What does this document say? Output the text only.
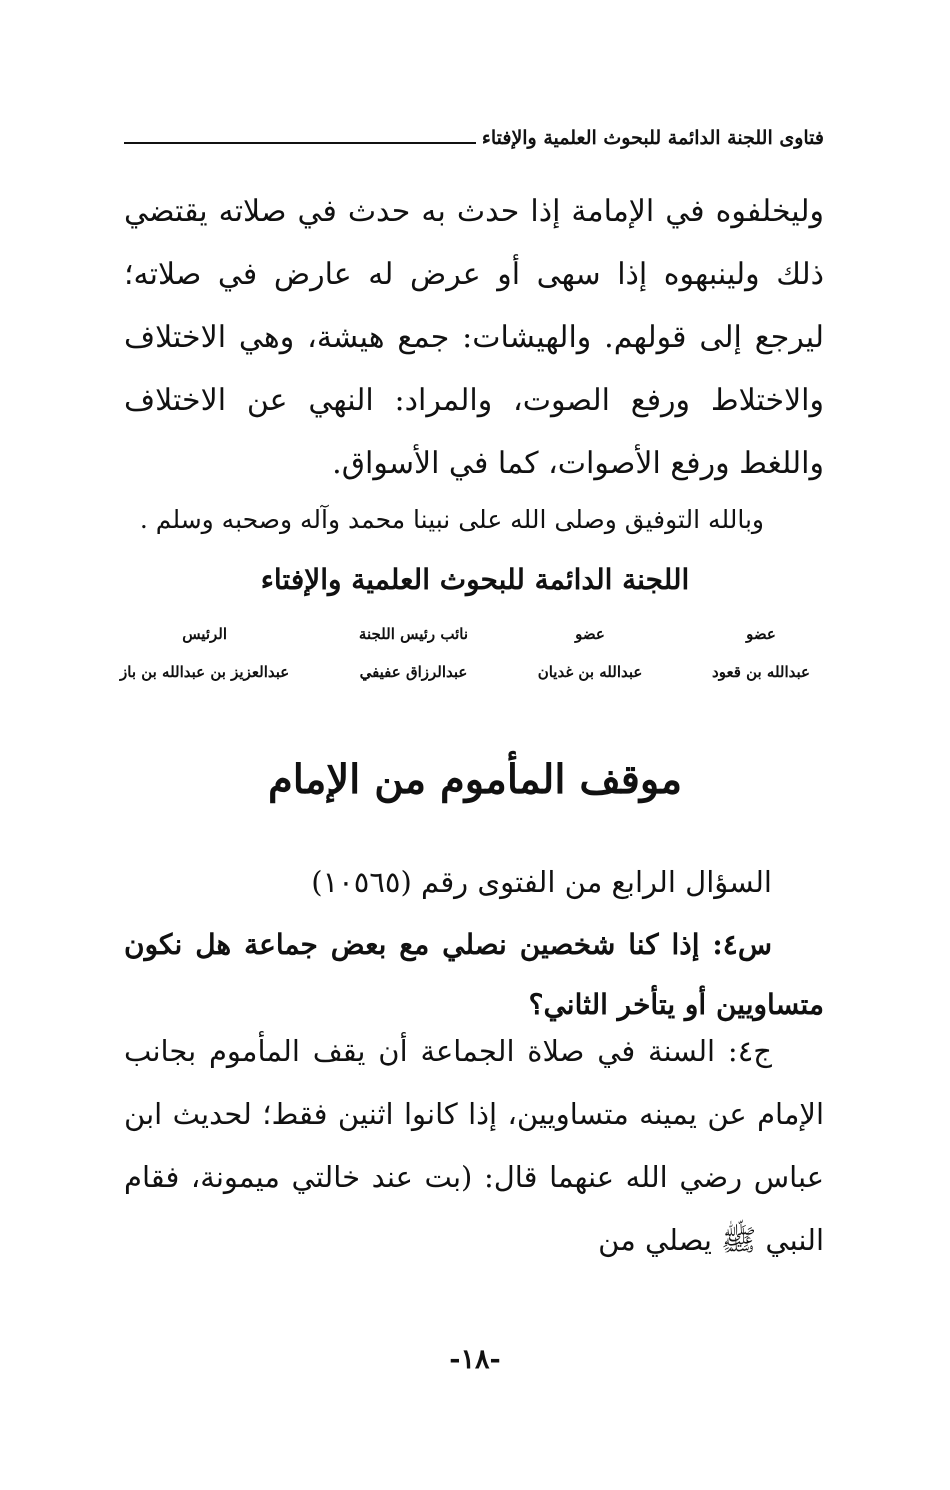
فتاوى اللجنة الدائمة للبحوث العلمية والإفتاء

وليخلفوه في الإمامة إذا حدث به حدث في صلاته يقتضي ذلك ولينبهوه إذا سهى أو عرض له عارض في صلاته؛ ليرجع إلى قولهم. والهيشات: جمع هيشة، وهي الاختلاف والاختلاط ورفع الصوت، والمراد: النهي عن الاختلاف واللغط ورفع الأصوات، كما في الأسواق.

وبالله التوفيق وصلى الله على نبينا محمد وآله وصحبه وسلم .
اللجنة الدائمة للبحوث العلمية والإفتاء
عضو
عبدالله بن قعود
عضو
عبدالله بن غديان
نائب رئيس اللجنة
عبدالرزاق عفيفي
الرئيس
عبدالعزيز بن عبدالله بن باز
موقف المأموم من الإمام
السؤال الرابع من الفتوى رقم (١٠٥٦٥)
س٤: إذا كنا شخصين نصلي مع بعض جماعة هل نكون متساويين أو يتأخر الثاني؟
ج٤: السنة في صلاة الجماعة أن يقف المأموم بجانب الإمام عن يمينه متساويين، إذا كانوا اثنين فقط؛ لحديث ابن عباس رضي الله عنهما قال: (بت عند خالتي ميمونة، فقام النبي ﷺ يصلي من
-١٨-
